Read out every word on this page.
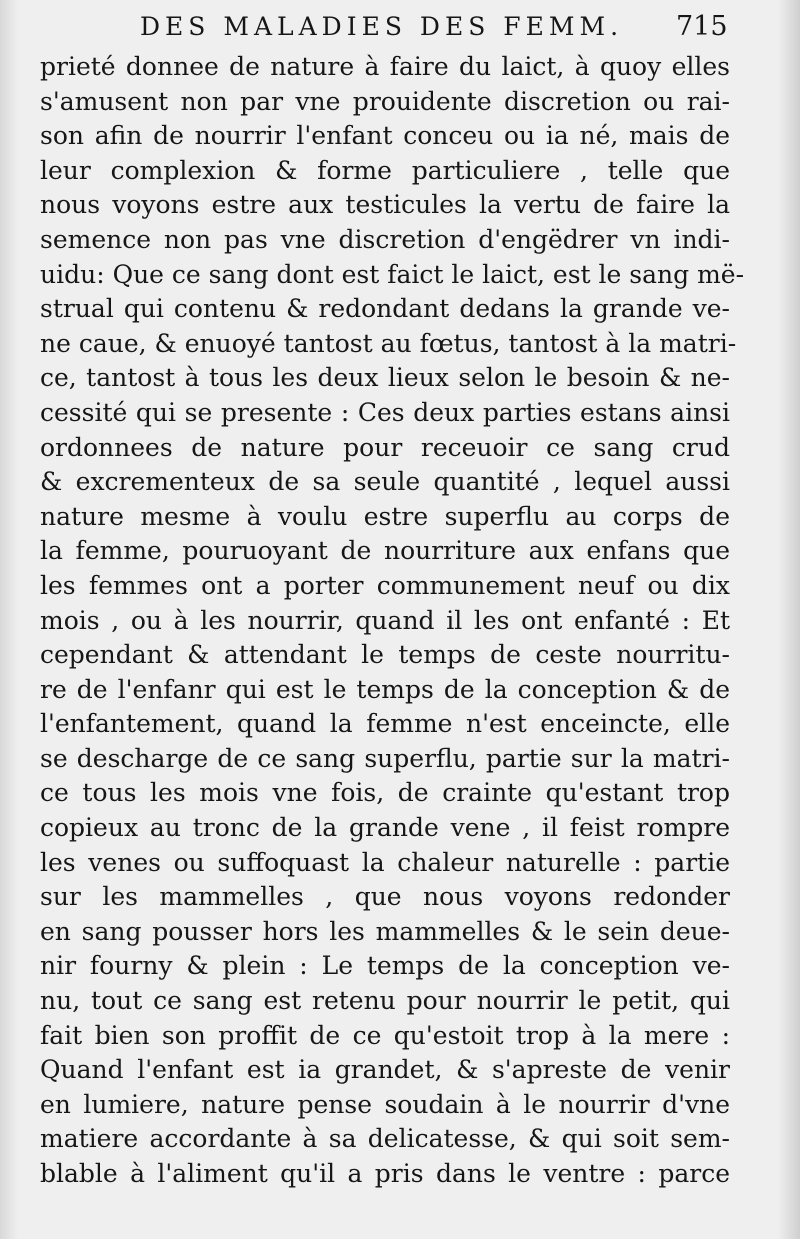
DES MALADIES DES FEMM. 715
prieté donnee de nature à faire du laict, à quoy elles
s'amusent non par vne prouidente discretion ou rai-
son afin de nourrir l'enfant conceu ou ia né, mais de
leur complexion & forme particuliere , telle que
nous voyons estre aux testicules la vertu de faire la
semence non pas vne discretion d'engëdrer vn indi-
uidu: Que ce sang dont est faict le laict, est le sang më-
strual qui contenu & redondant dedans la grande ve-
ne caue, & enuoyé tantost au fœtus, tantost à la matri-
ce, tantost à tous les deux lieux selon le besoin & ne-
cessité qui se presente : Ces deux parties estans ainsi
ordonnees de nature pour receuoir ce sang crud
& excrementeux de sa seule quantité , lequel aussi
nature mesme à voulu estre superflu au corps de
la femme, pouruoyant de nourriture aux enfans que
les femmes ont a porter communement neuf ou dix
mois , ou à les nourrir, quand il les ont enfanté : Et
cependant & attendant le temps de ceste nourritu-
re de l'enfanr qui est le temps de la conception & de
l'enfantement, quand la femme n'est enceincte, elle
se descharge de ce sang superflu, partie sur la matri-
ce tous les mois vne fois, de crainte qu'estant trop
copieux au tronc de la grande vene , il feist rompre
les venes ou suffoquast la chaleur naturelle : partie
sur les mammelles , que nous voyons redonder
en sang pousser hors les mammelles & le sein deue-
nir fourny & plein : Le temps de la conception ve-
nu, tout ce sang est retenu pour nourrir le petit, qui
fait bien son proffit de ce qu'estoit trop à la mere :
Quand l'enfant est ia grandet, & s'apreste de venir
en lumiere, nature pense soudain à le nourrir d'vne
matiere accordante à sa delicatesse, & qui soit sem-
blable à l'aliment qu'il a pris dans le ventre : parce
